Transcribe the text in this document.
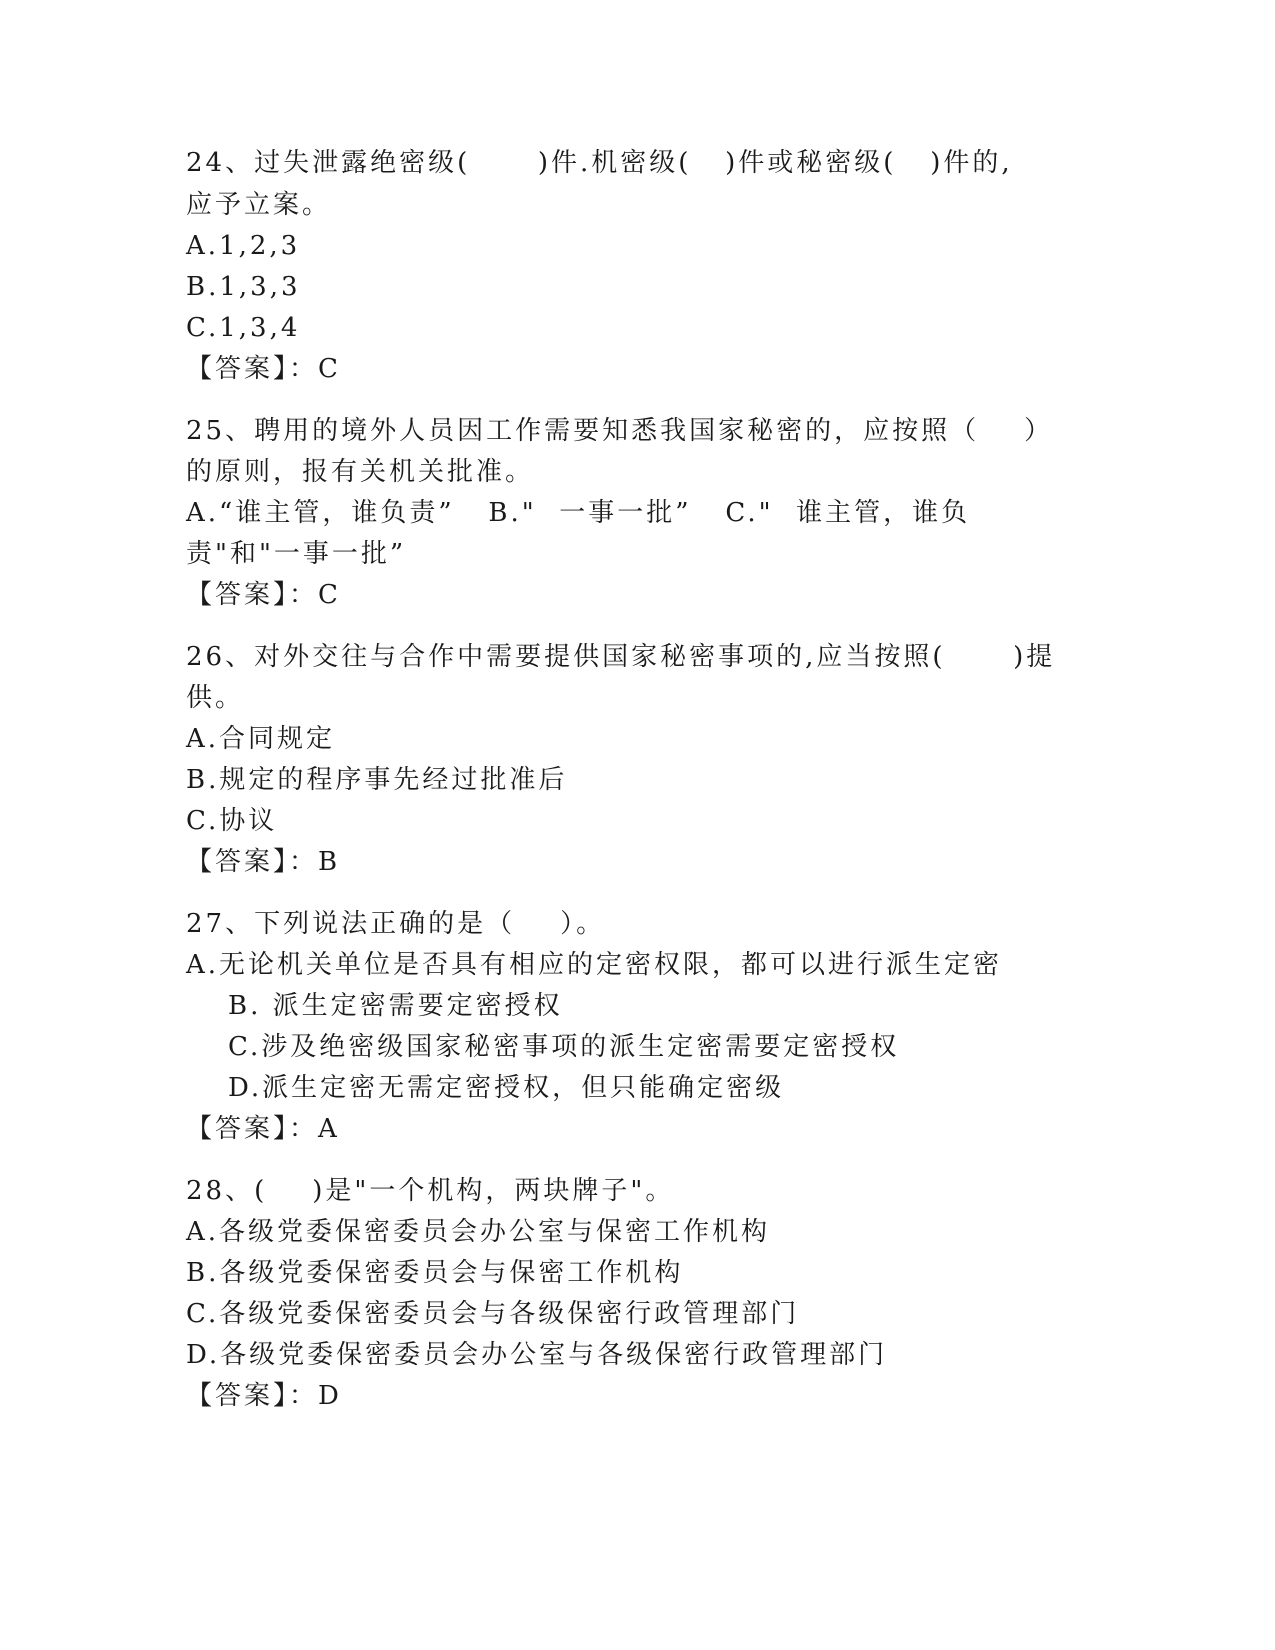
24、过失泄露绝密级(      )件.机密级(   )件或秘密级(   )件的,
应予立案。
A.1,2,3
B.1,3,3
C.1,3,4
【答案】：C
25、聘用的境外人员因工作需要知悉我国家秘密的，应按照（    ）
的原则，报有关机关批准。
A.“谁主管，谁负责”   B."  一事一批”   C."  谁主管，谁负
责"和"一事一批”
【答案】：C
26、对外交往与合作中需要提供国家秘密事项的,应当按照(      )提
供。
A.合同规定
B.规定的程序事先经过批准后
C.协议
【答案】：B
27、下列说法正确的是（    ）。
A.无论机关单位是否具有相应的定密权限，都可以进行派生定密
B. 派生定密需要定密授权
C.涉及绝密级国家秘密事项的派生定密需要定密授权
D.派生定密无需定密授权，但只能确定密级
【答案】：A
28、(    )是"一个机构，两块牌子"。
A.各级党委保密委员会办公室与保密工作机构
B.各级党委保密委员会与保密工作机构
C.各级党委保密委员会与各级保密行政管理部门
D.各级党委保密委员会办公室与各级保密行政管理部门
【答案】：D
